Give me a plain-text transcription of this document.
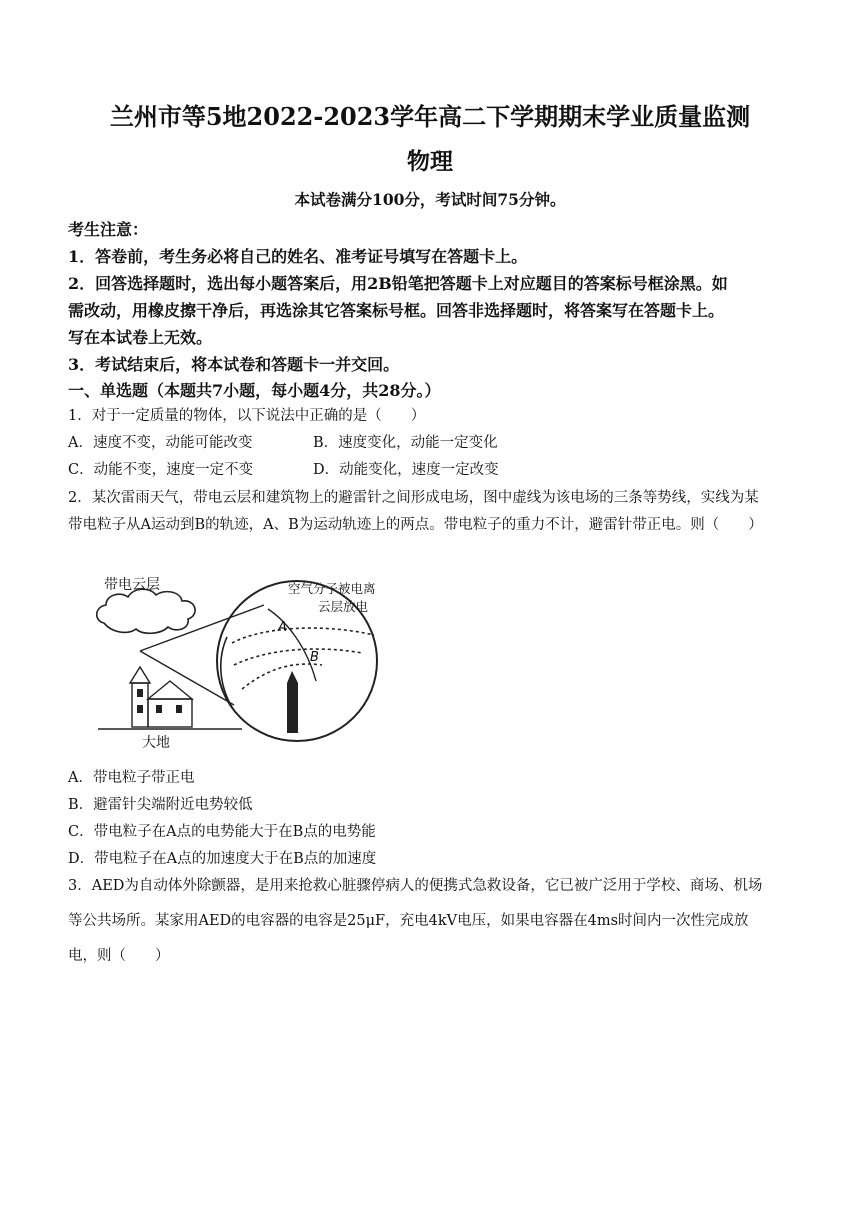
兰州市等5地2022-2023学年高二下学期期末学业质量监测
物理
本试卷满分100分，考试时间75分钟。
考生注意：
1．答卷前，考生务必将自己的姓名、准考证号填写在答题卡上。
2．回答选择题时，选出每小题答案后，用2B铅笔把答题卡上对应题目的答案标号框涂黑。如
需改动，用橡皮擦干净后，再选涂其它答案标号框。回答非选择题时，将答案写在答题卡上。
写在本试卷上无效。
3．考试结束后，将本试卷和答题卡一并交回。
一、单选题（本题共7小题，每小题4分，共28分。）
1．对于一定质量的物体，以下说法中正确的是（　　）
A．速度不变，动能可能改变	B．速度变化，动能一定变化
C．动能不变，速度一定不变	D．动能变化，速度一定改变
2．某次雷雨天气，带电云层和建筑物上的避雷针之间形成电场，图中虚线为该电场的三条等势线，实线为某
带电粒子从A运动到B的轨迹，A、B为运动轨迹上的两点。带电粒子的重力不计，避雷针带正电。则（　　）
带电云层
大地
空气分子被电离
云层放电
A
B
A．带电粒子带正电
B．避雷针尖端附近电势较低
C．带电粒子在A点的电势能大于在B点的电势能
D．带电粒子在A点的加速度大于在B点的加速度
3．AED为自动体外除颤器，是用来抢救心脏骤停病人的便携式急救设备，它已被广泛用于学校、商场、机场
等公共场所。某家用AED的电容器的电容是25μF，充电4kV电压，如果电容器在4ms时间内一次性完成放
电，则（　　）
